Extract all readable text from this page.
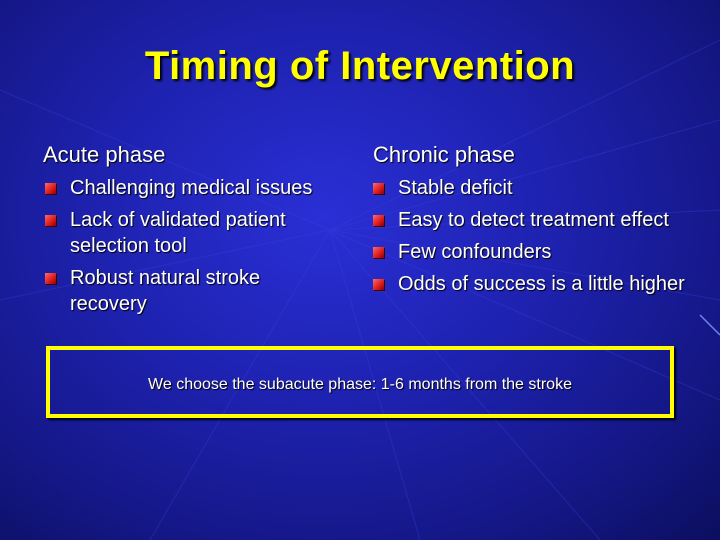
Timing of Intervention
Acute phase	Chronic phase
Challenging medical issues
Lack of validated patient selection tool
Robust natural stroke recovery
Stable deficit
Easy to detect treatment effect
Few confounders
Odds of success is a little higher
We choose the subacute phase: 1-6 months from the stroke
